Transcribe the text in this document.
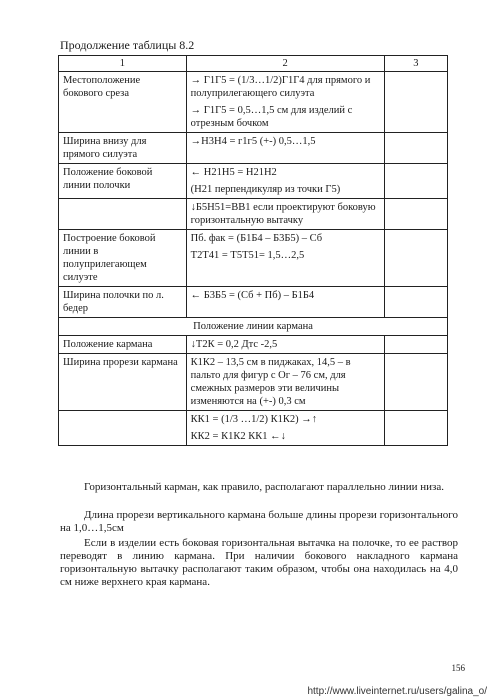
Продолжение таблицы 8.2
1	2	3
Местоположение бокового среза	→ Г1Г5 = (1/3…1/2)Г1Г4 для прямого и полуприлегающего силуэта
→ Г1Г5 = 0,5…1,5 см для изделий с отрезным бочком	

Ширина внизу для прямого силуэта	→Н3Н4 = г1г5 (+-) 0,5…1,5	

Положение боковой линии полочки	← Н21Н5 = Н21Н2
(Н21 перпендикуляр из точки Г5)	

	↓Б5Н51=ВВ1 если проектируют боковую горизонтальную вытачку	

Построение боковой линии в полуприлегающем силуэте	Пб. фак = (Б1Б4 – Б3Б5) – Сб
Т2Т41 = Т5Т51= 1,5…2,5	

Ширина полочки по л. бедер	← Б3Б5 = (Сб + Пб) – Б1Б4	

Положение линии кармана		
Положение кармана	↓Т2К = 0,2 Дтс -2,5	

Ширина прорези кармана	К1К2 – 13,5 см в пиджаках, 14,5 – в пальто для фигур с Ог – 76 см, для смежных размеров эти величины изменяются на (+-) 0,3 см	

	КК1 = (1/3 …1/2) К1К2) →↑
КК2 = К1К2 КК1 ←↓	

Горизонтальный карман, как правило, располагают параллельно линии низа.
Длина прорези вертикального кармана больше длины прорези горизонтального на 1,0…1,5см
Если в изделии есть боковая горизонтальная вытачка на полочке, то ее раствор переводят в линию кармана. При наличии бокового накладного кармана горизонтальную вытачку располагают таким образом, чтобы она находилась на 4,0 см ниже верхнего края кармана.
156
http://www.liveinternet.ru/users/galina_o/
